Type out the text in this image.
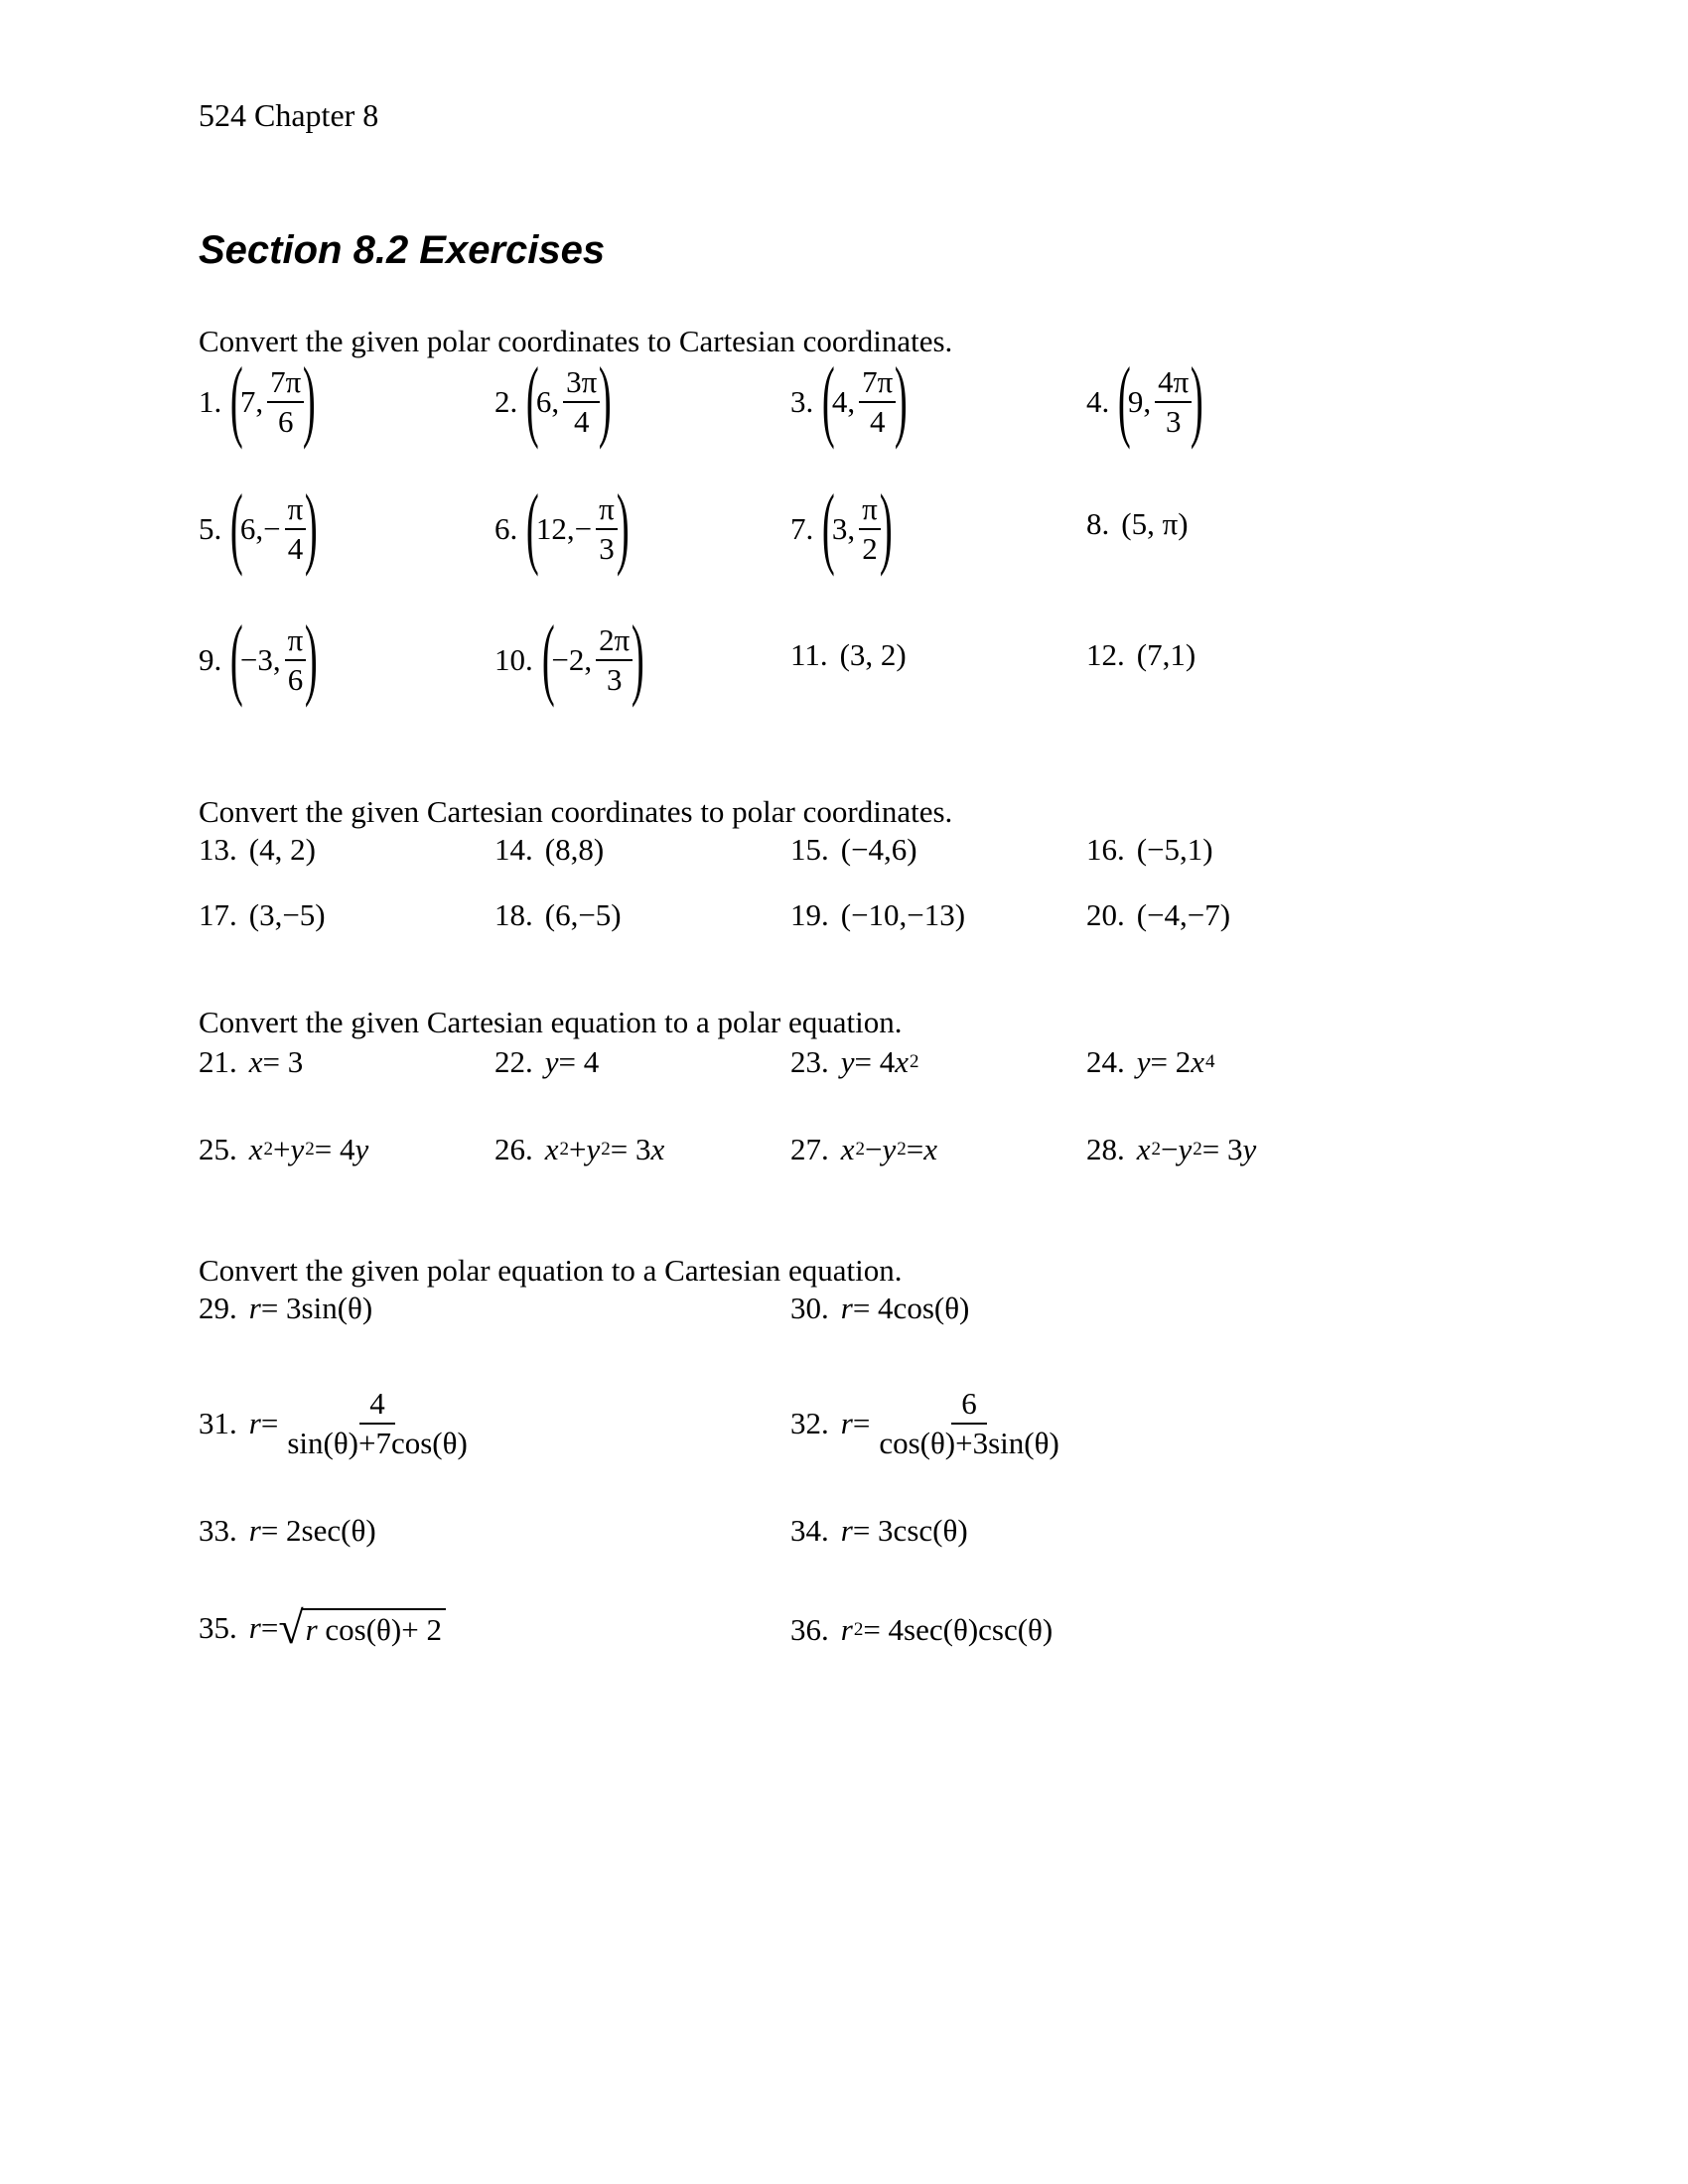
524 Chapter 8
Section 8.2 Exercises
Convert the given polar coordinates to Cartesian coordinates.
1. (
7, $\frac{7\pi}{6}$
)	2. (
6, $\frac{3\pi}{4}$
)	3. (
4, $\frac{7\pi}{4}$
)	4. (
9, $\frac{4\pi}{3}$
)
5. (
$6,- \frac{\pi}{4}$
)	6. (
$12,- \frac{\pi}{3}$
)	7. (
3, $\frac{\pi}{2}$
)	8. (5, π)
9. (
−3, $\frac{\pi}{6}$
)	10. (
−2, $\frac{2\pi}{3}$
)	11. (3, 2)	12. (7,1)
Convert the given Cartesian coordinates to polar coordinates.
13. (4, 2)	14. (8,8)	15. (−4,6)	16. (−5,1)
17. (3,−5)	18. (6,−5)	19. (−10,−13)	20. (−4,−7)
Convert the given Cartesian equation to a polar equation.
21. x = 3	22. y = 4	23. y = 4 x 2	24. y = 2 x 4
25. x 2 + y 2 = 4 y	26. x 2 + y 2 = 3 x	27. x 2 − y 2 = x	28. x 2 − y 2 = 3 y
Convert the given polar equation to a Cartesian equation.
29. r = 3sin(θ)	30. r = 4cos(θ)
31. $r = \frac{4}{\sin(\theta)+7\cos(\theta)}$	32. $r = \frac{6}{\cos(\theta)+3\sin(\theta)}$
33. r = 2sec(θ)	34. r = 3csc(θ)
35. r = √ r cos(θ)+ 2	36. r 2 = 4sec(θ)csc(θ)
